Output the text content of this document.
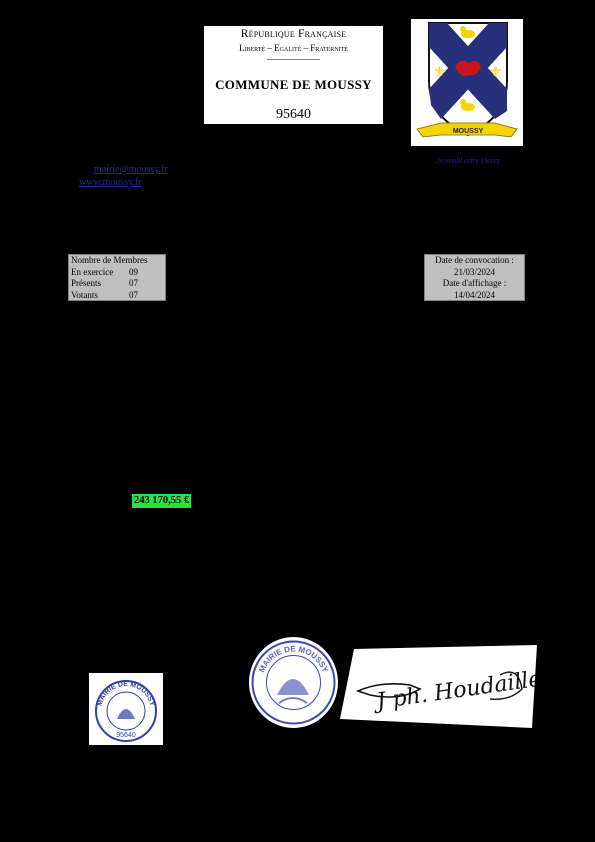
République Française
Liberté – Egalité – Fraternité
COMMUNE DE MOUSSY
95640
⚜	⚜
MOUSSY
Je veulx estre clerez
mairie@moussy.fr
www.moussy.fr
Nombre de Membres
En exercice	09
Présents	07
Votants	07
Date de convocation :
21/03/2024
Date d'affichage :
14/04/2024
243 170,55 €
MAIRIE DE MOUSSY
95640
MAIRIE DE MOUSSY J ph. Houdaille
